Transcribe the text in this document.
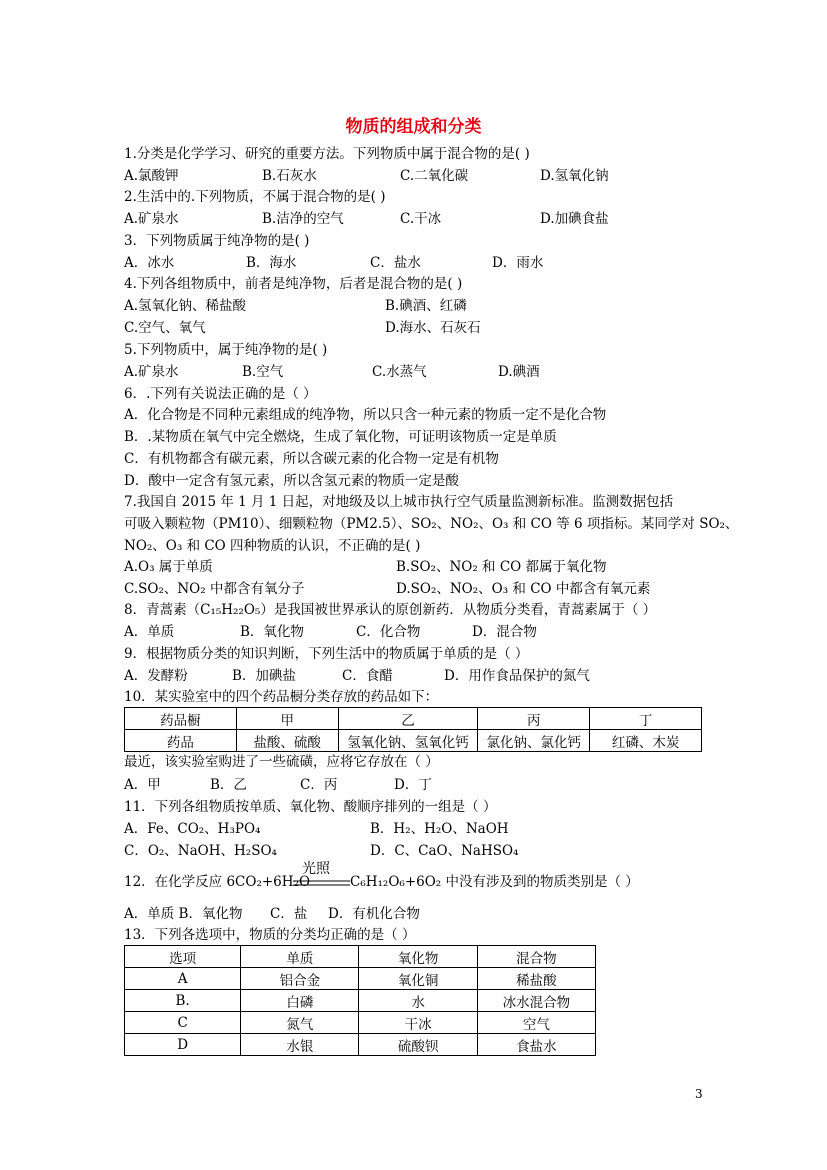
物质的组成和分类
1.分类是化学学习、研究的重要方法。下列物质中属于混合物的是( )
A.氯酸钾	B.石灰水	C.二氧化碳	D.氢氧化钠
2.生活中的.下列物质，不属于混合物的是( )
A.矿泉水	B.洁净的空气	C.干冰	D.加碘食盐
3．下列物质属于纯净物的是( )
A．冰水	B．海水	C．盐水	D．雨水
4.下列各组物质中，前者是纯净物，后者是混合物的是( )
A.氢氧化钠、稀盐酸	B.碘酒、红磷
C.空气、氧气	D.海水、石灰石
5.下列物质中，属于纯净物的是( )
A.矿泉水	B.空气	C.水蒸气	D.碘酒
6．.下列有关说法正确的是（ ）
A．化合物是不同种元素组成的纯净物，所以只含一种元素的物质一定不是化合物
B．.某物质在氧气中完全燃烧，生成了氧化物，可证明该物质一定是单质
C．有机物都含有碳元素，所以含碳元素的化合物一定是有机物
D．酸中一定含有氢元素，所以含氢元素的物质一定是酸
7.我国自 2015 年 1 月 1 日起，对地级及以上城市执行空气质量监测新标准。监测数据包括
可吸入颗粒物（PM10）、细颗粒物（PM2.5）、SO₂、NO₂、O₃ 和 CO 等 6 项指标。某同学对 SO₂、
NO₂、O₃ 和 CO 四种物质的认识，不正确的是( )
A.O₃ 属于单质	B.SO₂、NO₂ 和 CO 都属于氧化物
C.SO₂、NO₂ 中都含有氧分子	D.SO₂、NO₂、O₃ 和 CO 中都含有氧元素
8．青蒿素（C₁₅H₂₂O₅）是我国被世界承认的原创新药．从物质分类看，青蒿素属于（ ）
A．单质	B．氧化物	C．化合物	D．混合物
9．根据物质分类的知识判断，下列生活中的物质属于单质的是（ ）
A．发酵粉	B．加碘盐	C．食醋	D．用作食品保护的氮气
10．某实验室中的四个药品橱分类存放的药品如下：
药品橱	甲	乙	丙	丁
药品	盐酸、硫酸	氢氧化钠、氢氧化钙	氯化钠、氯化钙	红磷、木炭
最近，该实验室购进了一些硫磺，应将它存放在（ ）
A．甲	B．乙	C．丙	D．丁
11．下列各组物质按单质、氧化物、酸顺序排列的一组是（ ）
A．Fe、CO₂、H₃PO₄	B．H₂、H₂O、NaOH
C．O₂、NaOH、H₂SO₄	D．C、CaO、NaHSO₄
12．在化学反应 6CO₂+6H₂O
光照
C₆H₁₂O₆+6O₂ 中没有涉及到的物质类别是（ ）
A．单质 B．氧化物 C．盐 D．有机化合物
13．下列各选项中，物质的分类均正确的是（ ）
选项	单质	氧化物	混合物
A	铝合金	氧化铜	稀盐酸
B.	白磷	水	冰水混合物
C	氮气	干冰	空气
D	水银	硫酸钡	食盐水
3
